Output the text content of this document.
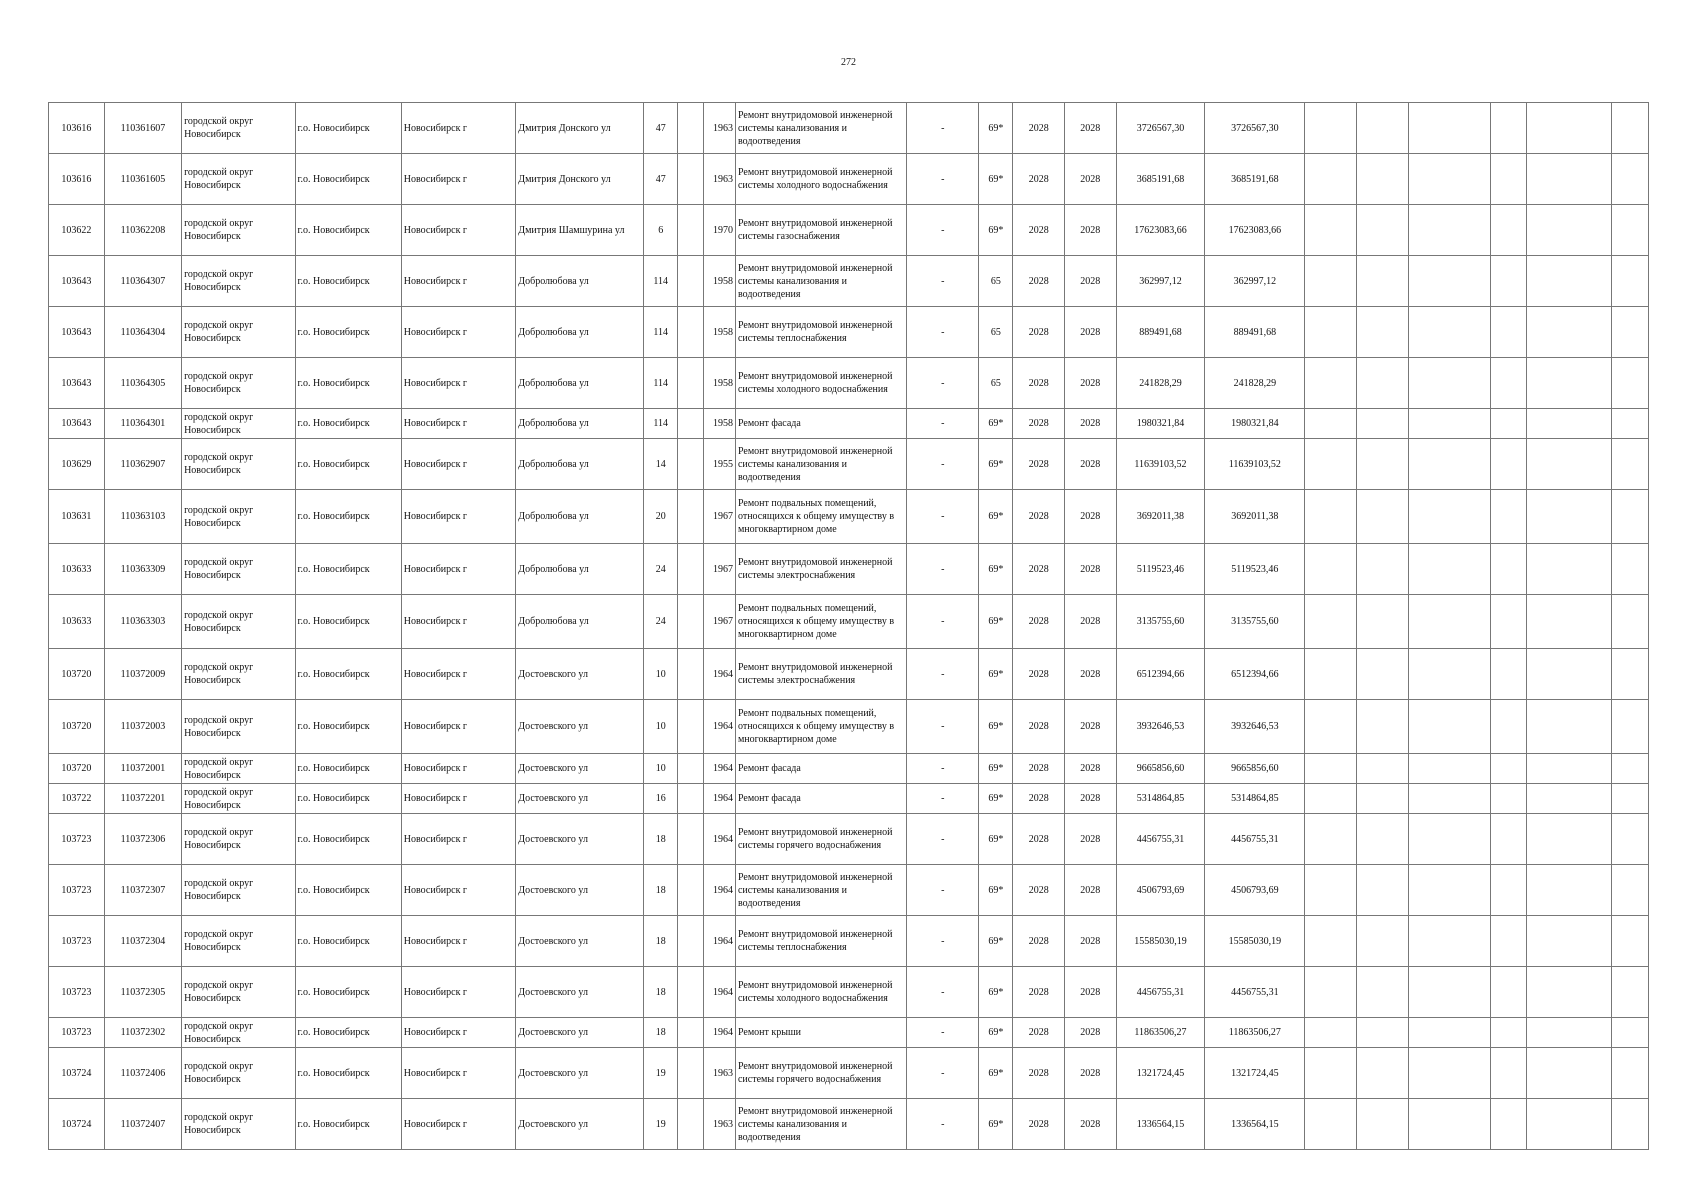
272
103616	110361607	городской округ Новосибирск	г.о. Новосибирск	Новосибирск г	Дмитрия Донского ул	47		1963	Ремонт внутридомовой инженерной системы канализования и водоотведения	-	69*	2028	2028	3726567,30	3726567,30						
103616	110361605	городской округ Новосибирск	г.о. Новосибирск	Новосибирск г	Дмитрия Донского ул	47		1963	Ремонт внутридомовой инженерной системы холодного водоснабжения	-	69*	2028	2028	3685191,68	3685191,68						
103622	110362208	городской округ Новосибирск	г.о. Новосибирск	Новосибирск г	Дмитрия Шамшурина ул	6		1970	Ремонт внутридомовой инженерной системы газоснабжения	-	69*	2028	2028	17623083,66	17623083,66						
103643	110364307	городской округ Новосибирск	г.о. Новосибирск	Новосибирск г	Добролюбова ул	114		1958	Ремонт внутридомовой инженерной системы канализования и водоотведения	-	65	2028	2028	362997,12	362997,12						
103643	110364304	городской округ Новосибирск	г.о. Новосибирск	Новосибирск г	Добролюбова ул	114		1958	Ремонт внутридомовой инженерной системы теплоснабжения	-	65	2028	2028	889491,68	889491,68						
103643	110364305	городской округ Новосибирск	г.о. Новосибирск	Новосибирск г	Добролюбова ул	114		1958	Ремонт внутридомовой инженерной системы холодного водоснабжения	-	65	2028	2028	241828,29	241828,29						
103643	110364301	городской округ Новосибирск	г.о. Новосибирск	Новосибирск г	Добролюбова ул	114		1958	Ремонт фасада	-	69*	2028	2028	1980321,84	1980321,84						
103629	110362907	городской округ Новосибирск	г.о. Новосибирск	Новосибирск г	Добролюбова ул	14		1955	Ремонт внутридомовой инженерной системы канализования и водоотведения	-	69*	2028	2028	11639103,52	11639103,52						
103631	110363103	городской округ Новосибирск	г.о. Новосибирск	Новосибирск г	Добролюбова ул	20		1967	Ремонт подвальных помещений, относящихся к общему имуществу в многоквартирном доме	-	69*	2028	2028	3692011,38	3692011,38						
103633	110363309	городской округ Новосибирск	г.о. Новосибирск	Новосибирск г	Добролюбова ул	24		1967	Ремонт внутридомовой инженерной системы электроснабжения	-	69*	2028	2028	5119523,46	5119523,46						
103633	110363303	городской округ Новосибирск	г.о. Новосибирск	Новосибирск г	Добролюбова ул	24		1967	Ремонт подвальных помещений, относящихся к общему имуществу в многоквартирном доме	-	69*	2028	2028	3135755,60	3135755,60						
103720	110372009	городской округ Новосибирск	г.о. Новосибирск	Новосибирск г	Достоевского ул	10		1964	Ремонт внутридомовой инженерной системы электроснабжения	-	69*	2028	2028	6512394,66	6512394,66						
103720	110372003	городской округ Новосибирск	г.о. Новосибирск	Новосибирск г	Достоевского ул	10		1964	Ремонт подвальных помещений, относящихся к общему имуществу в многоквартирном доме	-	69*	2028	2028	3932646,53	3932646,53						
103720	110372001	городской округ Новосибирск	г.о. Новосибирск	Новосибирск г	Достоевского ул	10		1964	Ремонт фасада	-	69*	2028	2028	9665856,60	9665856,60						
103722	110372201	городской округ Новосибирск	г.о. Новосибирск	Новосибирск г	Достоевского ул	16		1964	Ремонт фасада	-	69*	2028	2028	5314864,85	5314864,85						
103723	110372306	городской округ Новосибирск	г.о. Новосибирск	Новосибирск г	Достоевского ул	18		1964	Ремонт внутридомовой инженерной системы горячего водоснабжения	-	69*	2028	2028	4456755,31	4456755,31						
103723	110372307	городской округ Новосибирск	г.о. Новосибирск	Новосибирск г	Достоевского ул	18		1964	Ремонт внутридомовой инженерной системы канализования и водоотведения	-	69*	2028	2028	4506793,69	4506793,69						
103723	110372304	городской округ Новосибирск	г.о. Новосибирск	Новосибирск г	Достоевского ул	18		1964	Ремонт внутридомовой инженерной системы теплоснабжения	-	69*	2028	2028	15585030,19	15585030,19						
103723	110372305	городской округ Новосибирск	г.о. Новосибирск	Новосибирск г	Достоевского ул	18		1964	Ремонт внутридомовой инженерной системы холодного водоснабжения	-	69*	2028	2028	4456755,31	4456755,31						
103723	110372302	городской округ Новосибирск	г.о. Новосибирск	Новосибирск г	Достоевского ул	18		1964	Ремонт крыши	-	69*	2028	2028	11863506,27	11863506,27						
103724	110372406	городской округ Новосибирск	г.о. Новосибирск	Новосибирск г	Достоевского ул	19		1963	Ремонт внутридомовой инженерной системы горячего водоснабжения	-	69*	2028	2028	1321724,45	1321724,45						
103724	110372407	городской округ Новосибирск	г.о. Новосибирск	Новосибирск г	Достоевского ул	19		1963	Ремонт внутридомовой инженерной системы канализования и водоотведения	-	69*	2028	2028	1336564,15	1336564,15						
